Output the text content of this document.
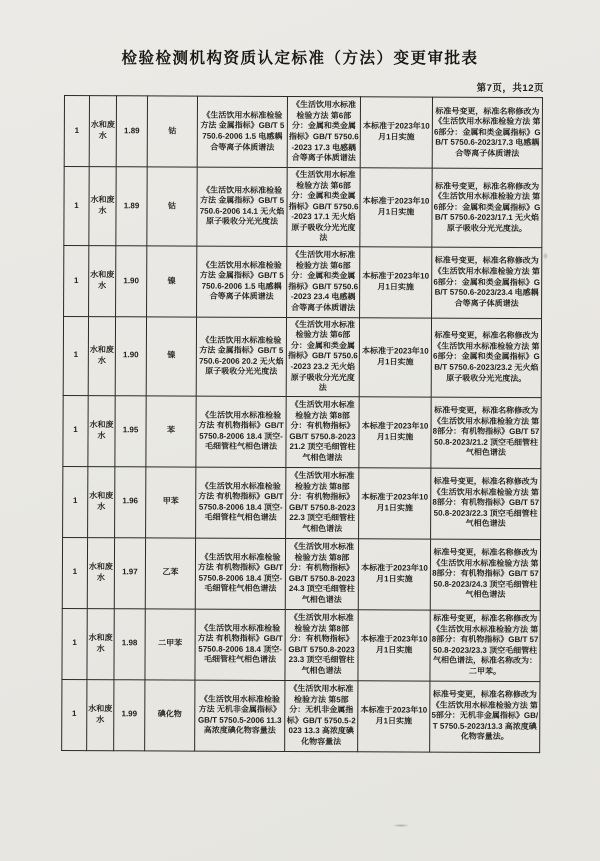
检验检测机构资质认定标准（方法）变更审批表
第7页，共12页
1	水和废水	1.89	钴	《生活饮用水标准检验方法 金属指标》GB/T 5750.6-2006 1.5 电感耦合等离子体质谱法	《生活饮用水标准检验方法 第6部分：金属和类金属指标》GB/T 5750.6-2023 17.3 电感耦合等离子体质谱法	本标准于2023年10月1日实施	标准号变更，标准名称修改为《生活饮用水标准检验方法 第6部分：金属和类金属指标》GB/T 5750.6-2023/17.3 电感耦合等离子体质谱法
1	水和废水	1.89	钴	《生活饮用水标准检验方法 金属指标》GB/T 5750.6-2006 14.1 无火焰原子吸收分光光度法	《生活饮用水标准检验方法 第6部分：金属和类金属指标》GB/T 5750.6-2023 17.1 无火焰原子吸收分光光度法	本标准于2023年10月1日实施	标准号变更，标准名称修改为《生活饮用水标准检验方法 第6部分：金属和类金属指标》GB/T 5750.6-2023/17.1 无火焰原子吸收分光光度法。
1	水和废水	1.90	镍	《生活饮用水标准检验方法 金属指标》GB/T 5750.6-2006 1.5 电感耦合等离子体质谱法	《生活饮用水标准检验方法 第6部分：金属和类金属指标》GB/T 5750.6-2023 23.4 电感耦合等离子体质谱法	本标准于2023年10月1日实施	标准号变更，标准名称修改为《生活饮用水标准检验方法 第6部分：金属和类金属指标》GB/T 5750.6-2023/23.4 电感耦合等离子体质谱法
1	水和废水	1.90	镍	《生活饮用水标准检验方法 金属指标》GB/T 5750.6-2006 20.2 无火焰原子吸收分光光度法	《生活饮用水标准检验方法 第6部分：金属和类金属指标》GB/T 5750.6-2023 23.2 无火焰原子吸收分光光度法	本标准于2023年10月1日实施	标准号变更，标准名称修改为《生活饮用水标准检验方法 第6部分：金属和类金属指标》GB/T 5750.6-2023/23.2 无火焰原子吸收分光光度法。
1	水和废水	1.95	苯	《生活饮用水标准检验方法 有机物指标》GB/T 5750.8-2006 18.4 顶空-毛细管柱气相色谱法	《生活饮用水标准检验方法 第8部分：有机物指标》GB/T 5750.8-2023 21.2 顶空毛细管柱气相色谱法	本标准于2023年10月1日实施	标准号变更，标准名称修改为《生活饮用水标准检验方法 第8部分：有机物指标》GB/T 5750.8-2023/21.2 顶空毛细管柱气相色谱法
1	水和废水	1.96	甲苯	《生活饮用水标准检验方法 有机物指标》GB/T 5750.8-2006 18.4 顶空-毛细管柱气相色谱法	《生活饮用水标准检验方法 第8部分：有机物指标》GB/T 5750.8-2023 22.3 顶空毛细管柱气相色谱法	本标准于2023年10月1日实施	标准号变更，标准名称修改为《生活饮用水标准检验方法 第8部分：有机物指标》GB/T 5750.8-2023/22.3 顶空毛细管柱气相色谱法
1	水和废水	1.97	乙苯	《生活饮用水标准检验方法 有机物指标》GB/T 5750.8-2006 18.4 顶空-毛细管柱气相色谱法	《生活饮用水标准检验方法 第8部分：有机物指标》GB/T 5750.8-2023 24.3 顶空毛细管柱气相色谱法	本标准于2023年10月1日实施	标准号变更，标准名称修改为《生活饮用水标准检验方法 第8部分：有机物指标》GB/T 5750.8-2023/24.3 顶空毛细管柱气相色谱法
1	水和废水	1.98	二甲苯	《生活饮用水标准检验方法 有机物指标》GB/T 5750.8-2006 18.4 顶空-毛细管柱气相色谱法	《生活饮用水标准检验方法 第8部分：有机物指标》GB/T 5750.8-2023 23.3 顶空毛细管柱气相色谱法	本标准于2023年10月1日实施	标准号变更，标准名称修改为《生活饮用水标准检验方法 第8部分：有机物指标》GB/T 5750.8-2023/23.3 顶空毛细管柱气相色谱法，标准名称改为：二甲苯。
1	水和废水	1.99	碘化物	《生活饮用水标准检验方法 无机非金属指标》GB/T 5750.5-2006 11.3 高浓度碘化物容量法	《生活饮用水标准检验方法 第5部分：无机非金属指标》GB/T 5750.5-2023 13.3 高浓度碘化物容量法	本标准于2023年10月1日实施	标准号变更，标准名称修改为《生活饮用水标准检验方法 第5部分：无机非金属指标》GB/T 5750.5-2023/13.3 高浓度碘化物容量法。
